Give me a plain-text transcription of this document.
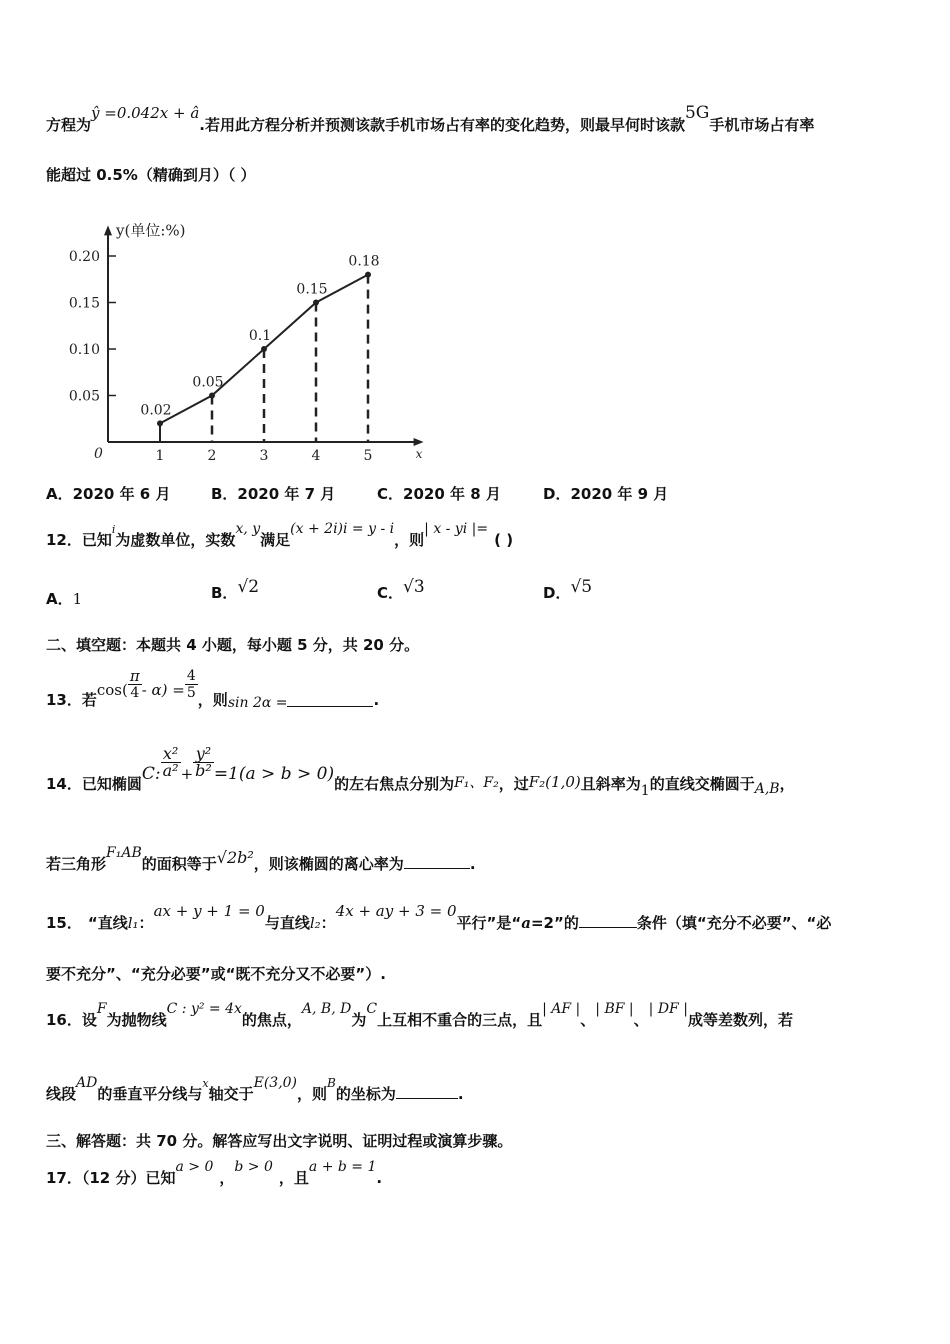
方程为ŷ =0.042x + â.若用此方程分析并预测该款手机市场占有率的变化趋势，则最早何时该款5G手机市场占有率
能超过 0.5%（精确到月）（ ）
y(单位:%)
x
0
0.20
0.15
0.10
0.05
1	2	3	4	5
0.02
0.05
0.1
0.15
0.18
A．2020 年 6 月	B．2020 年 7 月	C．2020 年 8 月	D．2020 年 9 月
12．已知$^i$为虚数单位，实数x, y满足(x + 2i)i = y - i，则| x - yi |=( )
A．1	B．√2	C．√3	D．√5
二、填空题：本题共 4 小题，每小题 5 分，共 20 分。
13．若$\cos( \frac{\pi}{4} - \alpha) = \frac{4}{5}$ ，则sin 2α =	.
14．已知椭圆C: $\frac{\text{x²}}{\text{a²}} + \frac{\text{y²}}{\text{b²}} =1(a > b > 0)$的左右焦点分别为F₁、F₂，过F₂(1,0)且斜率为1的直线交椭圆于A,B，
若三角形F₁AB的面积等于√2b²，则该椭圆的离心率为	.
15． “直线l₁：ax + y + 1 = 0与直线l₂：4x + ay + 3 = 0平行”是“a=2”的	条件（填“充分不必要”、“必
要不充分”、“充分必要”或“既不充分又不必要”）.
16．设F为抛物线C : y² = 4x的焦点，A, B, D为C上互相不重合的三点，且| AF |、| BF |、| DF |成等差数列，若
线段AD的垂直平分线与$^x$轴交于E(3,0)，则$^B$的坐标为	.
三、解答题：共 70 分。解答应写出文字说明、证明过程或演算步骤。
17．（12 分）已知a > 0，b > 0，且a + b = 1.
